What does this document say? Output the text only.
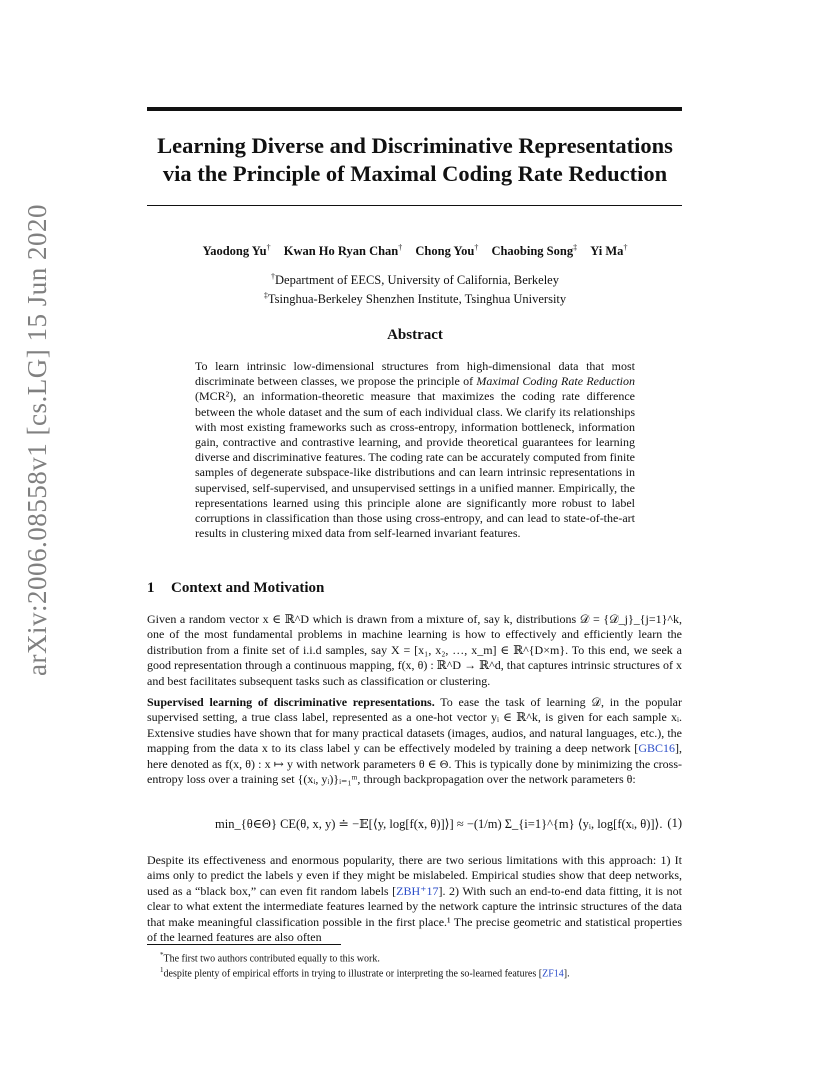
arXiv:2006.08558v1 [cs.LG] 15 Jun 2020
Learning Diverse and Discriminative Representations
via the Principle of Maximal Coding Rate Reduction
Yaodong Yu† Kwan Ho Ryan Chan† Chong You† Chaobing Song‡ Yi Ma†
†Department of EECS, University of California, Berkeley
‡Tsinghua-Berkeley Shenzhen Institute, Tsinghua University
Abstract
To learn intrinsic low-dimensional structures from high-dimensional data that most discriminate between classes, we propose the principle of Maximal Coding Rate Reduction (MCR²), an information-theoretic measure that maximizes the coding rate difference between the whole dataset and the sum of each individual class. We clarify its relationships with most existing frameworks such as cross-entropy, information bottleneck, information gain, contractive and contrastive learning, and provide theoretical guarantees for learning diverse and discriminative features. The coding rate can be accurately computed from finite samples of degenerate subspace-like distributions and can learn intrinsic representations in supervised, self-supervised, and unsupervised settings in a unified manner. Empirically, the representations learned using this principle alone are significantly more robust to label corruptions in classification than those using cross-entropy, and can lead to state-of-the-art results in clustering mixed data from self-learned invariant features.
1 Context and Motivation
Given a random vector x ∈ ℝ^D which is drawn from a mixture of, say k, distributions 𝒟 = {𝒟_j}_{j=1}^k, one of the most fundamental problems in machine learning is how to effectively and efficiently learn the distribution from a finite set of i.i.d samples, say X = [x₁, x₂, …, x_m] ∈ ℝ^{D×m}. To this end, we seek a good representation through a continuous mapping, f(x, θ) : ℝ^D → ℝ^d, that captures intrinsic structures of x and best facilitates subsequent tasks such as classification or clustering.
Supervised learning of discriminative representations. To ease the task of learning 𝒟, in the popular supervised setting, a true class label, represented as a one-hot vector yᵢ ∈ ℝ^k, is given for each sample xᵢ. Extensive studies have shown that for many practical datasets (images, audios, and natural languages, etc.), the mapping from the data x to its class label y can be effectively modeled by training a deep network [GBC16], here denoted as f(x, θ) : x ↦ y with network parameters θ ∈ Θ. This is typically done by minimizing the cross-entropy loss over a training set {(xᵢ, yᵢ)}ᵢ₌₁ᵐ, through backpropagation over the network parameters θ:
min_{θ∈Θ} CE(θ, x, y) ≐ −𝔼[⟨y, log[f(x, θ)]⟩] ≈ −(1/m) Σ_{i=1}^{m} ⟨yᵢ, log[f(xᵢ, θ)]⟩. (1)
Despite its effectiveness and enormous popularity, there are two serious limitations with this approach: 1) It aims only to predict the labels y even if they might be mislabeled. Empirical studies show that deep networks, used as a “black box,” can even fit random labels [ZBH⁺17]. 2) With such an end-to-end data fitting, it is not clear to what extent the intermediate features learned by the network capture the intrinsic structures of the data that make meaningful classification possible in the first place.¹ The precise geometric and statistical properties of the learned features are also often
*The first two authors contributed equally to this work.
$^1$despite plenty of empirical efforts in trying to illustrate or interpreting the so-learned features [ZF14].
